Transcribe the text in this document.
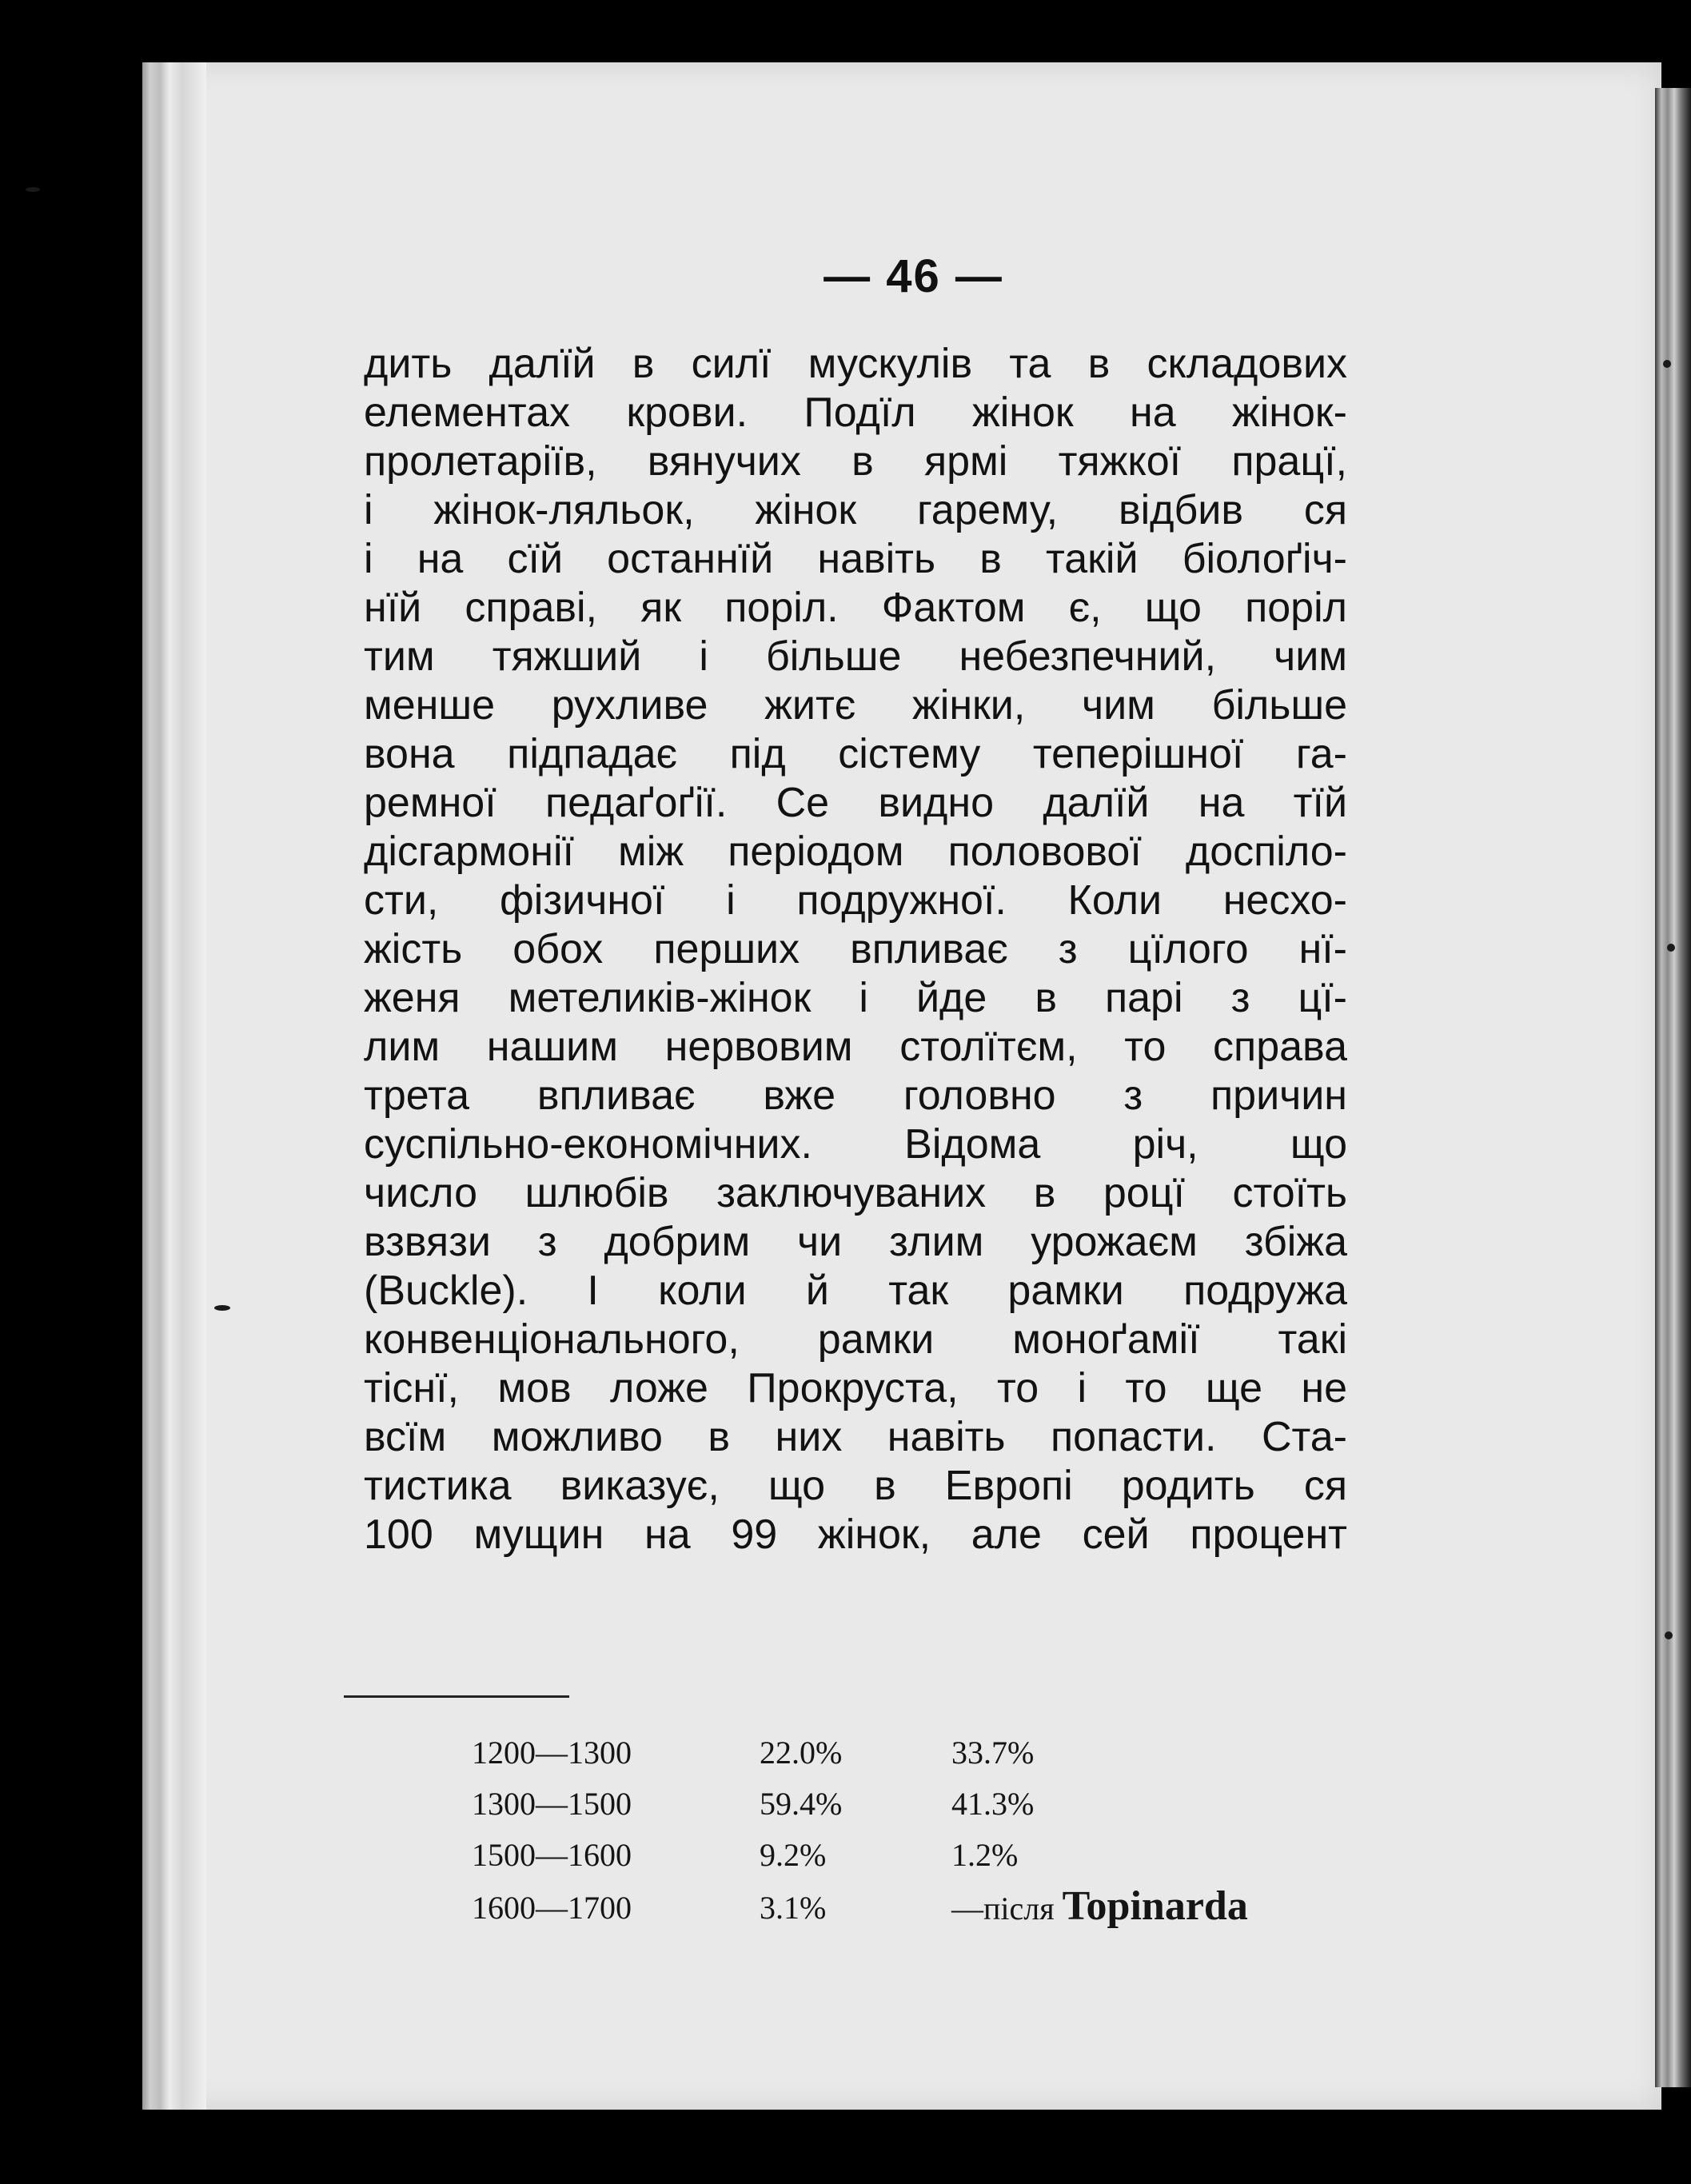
— 46 —
дить далїй в силї мускулів та в складових
елементах крови. Подїл жінок на жінок-
пролетаріїв, вянучих в ярмі тяжкої працї,
і жінок-ляльок, жінок гарему, відбив ся
і на сїй останнїй навіть в такій біолоґіч-
нїй справі, як поріл. Фактом є, що поріл
тим тяжший і більше небезпечний, чим
менше рухливе житє жінки, чим більше
вона підпадає під сістему теперішної га-
ремної педаґоґії. Се видно далїй на тїй
дісгармонії між періодом половової доспіло-
сти, фізичної і подружної. Коли несхо-
жість обох перших впливає з цїлого нї-
женя метеликів-жінок і йде в парі з цї-
лим нашим нервовим столїтєм, то справа
трета впливає вже головно з причин
суспільно-економічних. Відома річ, що
число шлюбів заключуваних в роцї стоїть
взвязи з добрим чи злим урожаєм збіжа
(Buckle). І коли й так рамки подружа
конвенціонального, рамки моноґамії такі
тіснї, мов ложе Прокруста, то і то ще не
всїм можливо в них навіть попасти. Ста-
тистика виказує, що в Европі родить ся
100 мущин на 99 жінок, але сей процент
1200—1300	22.0%	33.7%
1300—1500	59.4%	41.3%
1500—1600	9.2%	1.2%
1600—1700	3.1%	—після Topinarda
